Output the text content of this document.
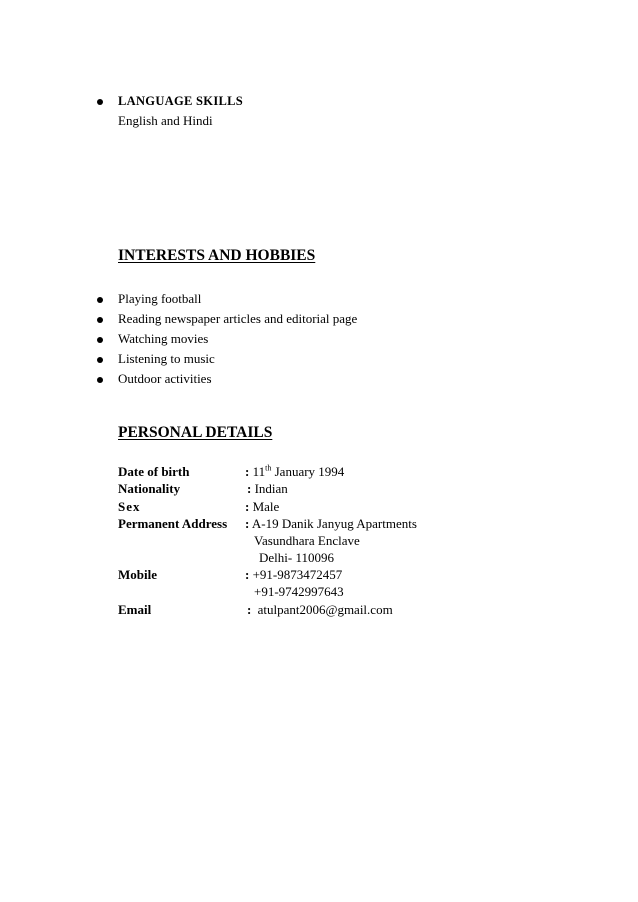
LANGUAGE SKILLS
English and Hindi
INTERESTS AND HOBBIES
Playing football
Reading newspaper articles and editorial page
Watching movies
Listening to music
Outdoor activities
PERSONAL DETAILS
Date of birth	: 11th January 1994
Nationality	: Indian
Sex	: Male
Permanent Address : A-19 Danik Janyug Apartments
Vasundhara Enclave
Delhi- 110096
Mobile	: +91-9873472457
+91-9742997643
Email	: atulpant2006@gmail.com
